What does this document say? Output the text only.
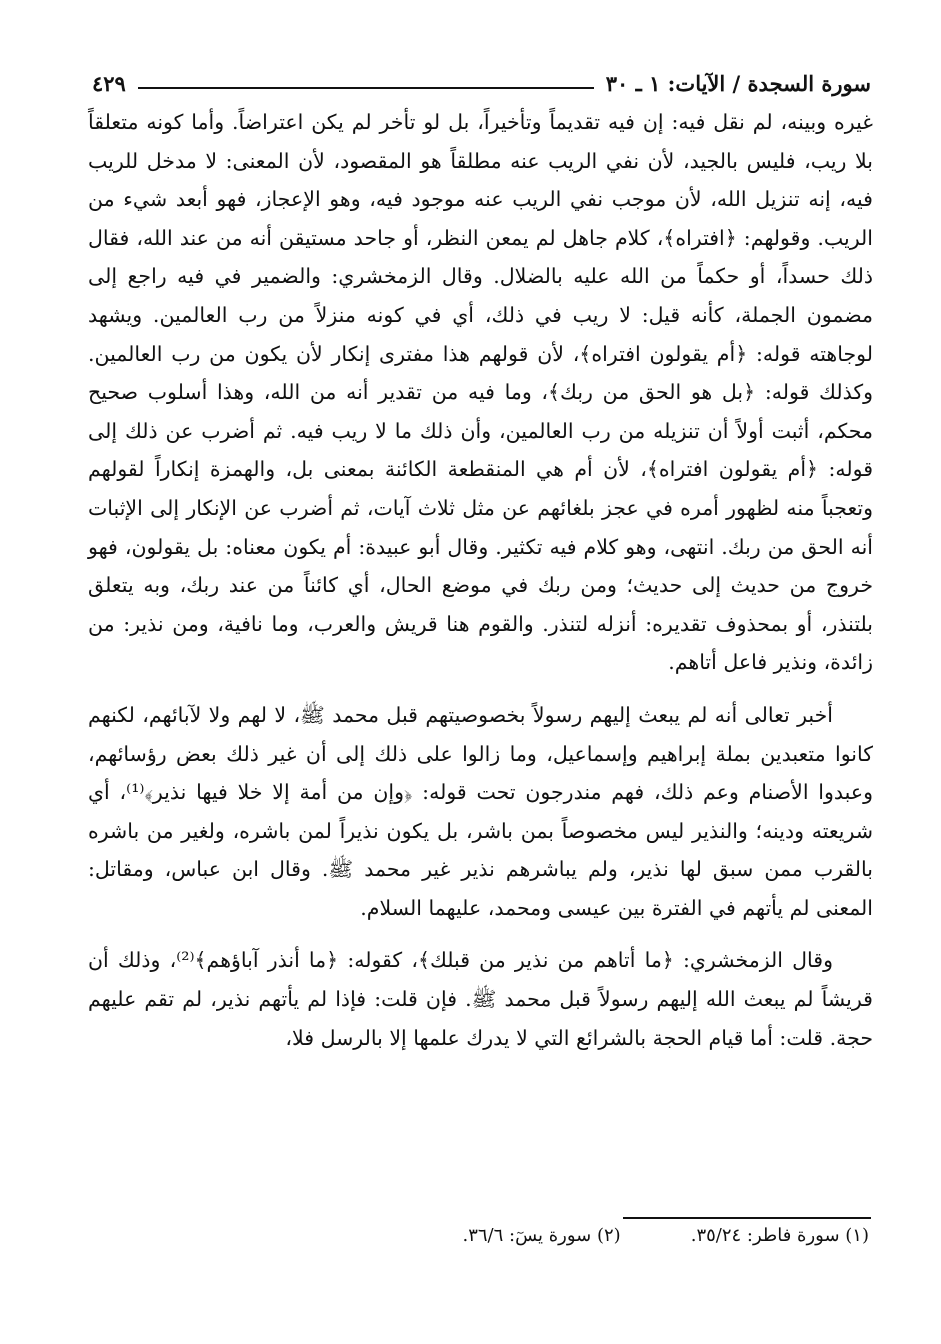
سورة السجدة / الآيات: ١ ـ ٣٠
٤٢٩

غيره وبينه، لم نقل فيه: إن فيه تقديماً وتأخيراً، بل لو تأخر لم يكن اعتراضاً. وأما كونه متعلقاً بلا ريب، فليس بالجيد، لأن نفي الريب عنه مطلقاً هو المقصود، لأن المعنى: لا مدخل للريب فيه، إنه تنزيل الله، لأن موجب نفي الريب عنه موجود فيه، وهو الإعجاز، فهو أبعد شيء من الريب. وقولهم: ﴿افتراه﴾، كلام جاهل لم يمعن النظر، أو جاحد مستيقن أنه من عند الله، فقال ذلك حسداً، أو حكماً من الله عليه بالضلال. وقال الزمخشري: والضمير في فيه راجع إلى مضمون الجملة، كأنه قيل: لا ريب في ذلك، أي في كونه منزلاً من رب العالمين. ويشهد لوجاهته قوله: ﴿أم يقولون افتراه﴾، لأن قولهم هذا مفترى إنكار لأن يكون من رب العالمين. وكذلك قوله: ﴿بل هو الحق من ربك﴾، وما فيه من تقدير أنه من الله، وهذا أسلوب صحيح محكم، أثبت أولاً أن تنزيله من رب العالمين، وأن ذلك ما لا ريب فيه. ثم أضرب عن ذلك إلى قوله: ﴿أم يقولون افتراه﴾، لأن أم هي المنقطعة الكائنة بمعنى بل، والهمزة إنكاراً لقولهم وتعجباً منه لظهور أمره في عجز بلغائهم عن مثل ثلاث آيات، ثم أضرب عن الإنكار إلى الإثبات أنه الحق من ربك. انتهى، وهو كلام فيه تكثير. وقال أبو عبيدة: أم يكون معناه: بل يقولون، فهو خروج من حديث إلى حديث؛ ومن ربك في موضع الحال، أي كائناً من عند ربك، وبه يتعلق بلتنذر، أو بمحذوف تقديره: أنزله لتنذر. والقوم هنا قريش والعرب، وما نافية، ومن نذير: من زائدة، ونذير فاعل أتاهم.

أخبر تعالى أنه لم يبعث إليهم رسولاً بخصوصيتهم قبل محمد ﷺ، لا لهم ولا لآبائهم، لكنهم كانوا متعبدين بملة إبراهيم وإسماعيل، وما زالوا على ذلك إلى أن غير ذلك بعض رؤسائهم، وعبدوا الأصنام وعم ذلك، فهم مندرجون تحت قوله: ﴿وإن من أمة إلا خلا فيها نذير﴾⁽¹⁾، أي شريعته ودينه؛ والنذير ليس مخصوصاً بمن باشر، بل يكون نذيراً لمن باشره، ولغير من باشره بالقرب ممن سبق لها نذير، ولم يباشرهم نذير غير محمد ﷺ. وقال ابن عباس، ومقاتل: المعنى لم يأتهم في الفترة بين عيسى ومحمد، عليهما السلام.

وقال الزمخشري: ﴿ما أتاهم من نذير من قبلك﴾، كقوله: ﴿ما أنذر آباؤهم﴾⁽²⁾، وذلك أن قريشاً لم يبعث الله إليهم رسولاً قبل محمد ﷺ. فإن قلت: فإذا لم يأتهم نذير، لم تقم عليهم حجة. قلت: أما قيام الحجة بالشرائع التي لا يدرك علمها إلا بالرسل فلا،

(١) سورة فاطر: ٣٥/٢٤.
(٢) سورة يسٓ: ٣٦/٦.
